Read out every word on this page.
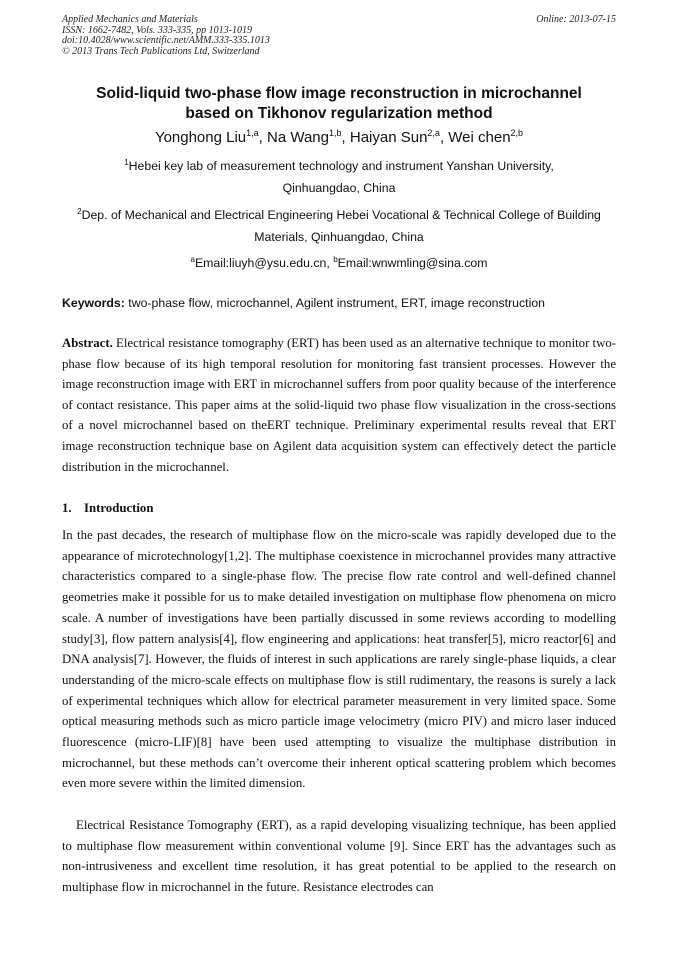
Applied Mechanics and Materials	Online: 2013-07-15
ISSN: 1662-7482, Vols. 333-335, pp 1013-1019
doi:10.4028/www.scientific.net/AMM.333-335.1013
© 2013 Trans Tech Publications Ltd, Switzerland
Solid-liquid two-phase flow image reconstruction in microchannel
based on Tikhonov regularization method
Yonghong Liu$^{1,a}$, Na Wang$^{1,b}$, Haiyan Sun$^{2,a}$, Wei chen$^{2,b}$
$^1$Hebei key lab of measurement technology and instrument Yanshan University,
Qinhuangdao, China
$^2$Dep. of Mechanical and Electrical Engineering Hebei Vocational & Technical College of Building
Materials, Qinhuangdao, China
$^a$Email:liuyh@ysu.edu.cn, $^b$Email:wnwmling@sina.com
Keywords: two-phase flow, microchannel, Agilent instrument, ERT, image reconstruction
Abstract. Electrical resistance tomography (ERT) has been used as an alternative technique to monitor two-phase flow because of its high temporal resolution for monitoring fast transient processes. However the image reconstruction image with ERT in microchannel suffers from poor quality because of the interference of contact resistance. This paper aims at the solid-liquid two phase flow visualization in the cross-sections of a novel microchannel based on theERT technique. Preliminary experimental results reveal that ERT image reconstruction technique base on Agilent data acquisition system can effectively detect the particle distribution in the microchannel.
1. Introduction
In the past decades, the research of multiphase flow on the micro-scale was rapidly developed due to the appearance of microtechnology[1,2]. The multiphase coexistence in microchannel provides many attractive characteristics compared to a single-phase flow. The precise flow rate control and well-defined channel geometries make it possible for us to make detailed investigation on multiphase flow phenomena on micro scale. A number of investigations have been partially discussed in some reviews according to modelling study[3], flow pattern analysis[4], flow engineering and applications: heat transfer[5], micro reactor[6] and DNA analysis[7]. However, the fluids of interest in such applications are rarely single-phase liquids, a clear understanding of the micro-scale effects on multiphase flow is still rudimentary, the reasons is surely a lack of experimental techniques which allow for electrical parameter measurement in very limited space. Some optical measuring methods such as micro particle image velocimetry (micro PIV) and micro laser induced fluorescence (micro-LIF)[8] have been used attempting to visualize the multiphase distribution in microchannel, but these methods can’t overcome their inherent optical scattering problem which becomes even more severe within the limited dimension.
Electrical Resistance Tomography (ERT), as a rapid developing visualizing technique, has been applied to multiphase flow measurement within conventional volume [9]. Since ERT has the advantages such as non-intrusiveness and excellent time resolution, it has great potential to be applied to the research on multiphase flow in microchannel in the future. Resistance electrodes can
